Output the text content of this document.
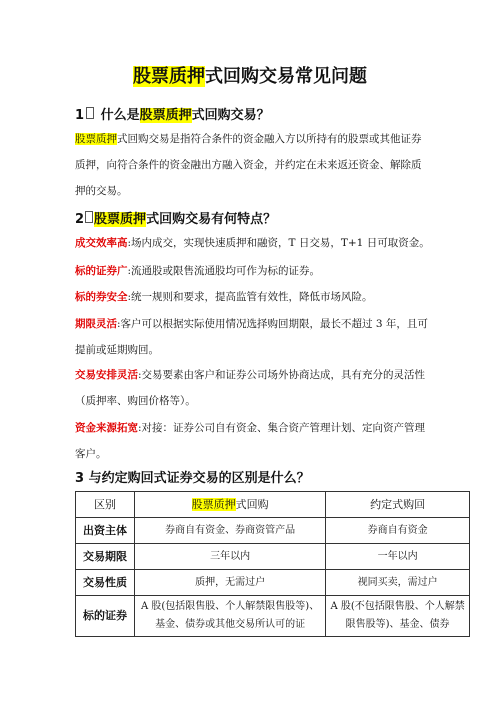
股票质押式回购交易常见问题
1 什么是股票质押式回购交易？
股票质押式回购交易是指符合条件的资金融入方以所持有的股票或其他证券质押，向符合条件的资金融出方融入资金，并约定在未来返还资金、解除质押的交易。
2 股票质押式回购交易有何特点？
成交效率高:场内成交，实现快速质押和融资，T 日交易，T+1 日可取资金。
标的证券广:流通股或限售流通股均可作为标的证券。
标的券安全:统一规则和要求，提高监管有效性，降低市场风险。
期限灵活:客户可以根据实际使用情况选择购回期限，最长不超过 3 年，且可提前或延期购回。
交易安排灵活:交易要素由客户和证券公司场外协商达成，具有充分的灵活性（质押率、购回价格等）。
资金来源拓宽:对接：证券公司自有资金、集合资产管理计划、定向资产管理客户。
3 与约定购回式证券交易的区别是什么？
区别	股票质押式回购	约定式购回
出资主体	券商自有资金、券商资管产品	券商自有资金
交易期限	三年以内	一年以内
交易性质	质押，无需过户	视同买卖，需过户
标的证券	A 股(包括限售股、个人解禁限售股等)、基金、债券或其他交易所认可的证	A 股(不包括限售股、个人解禁限售股等)、基金、债券
